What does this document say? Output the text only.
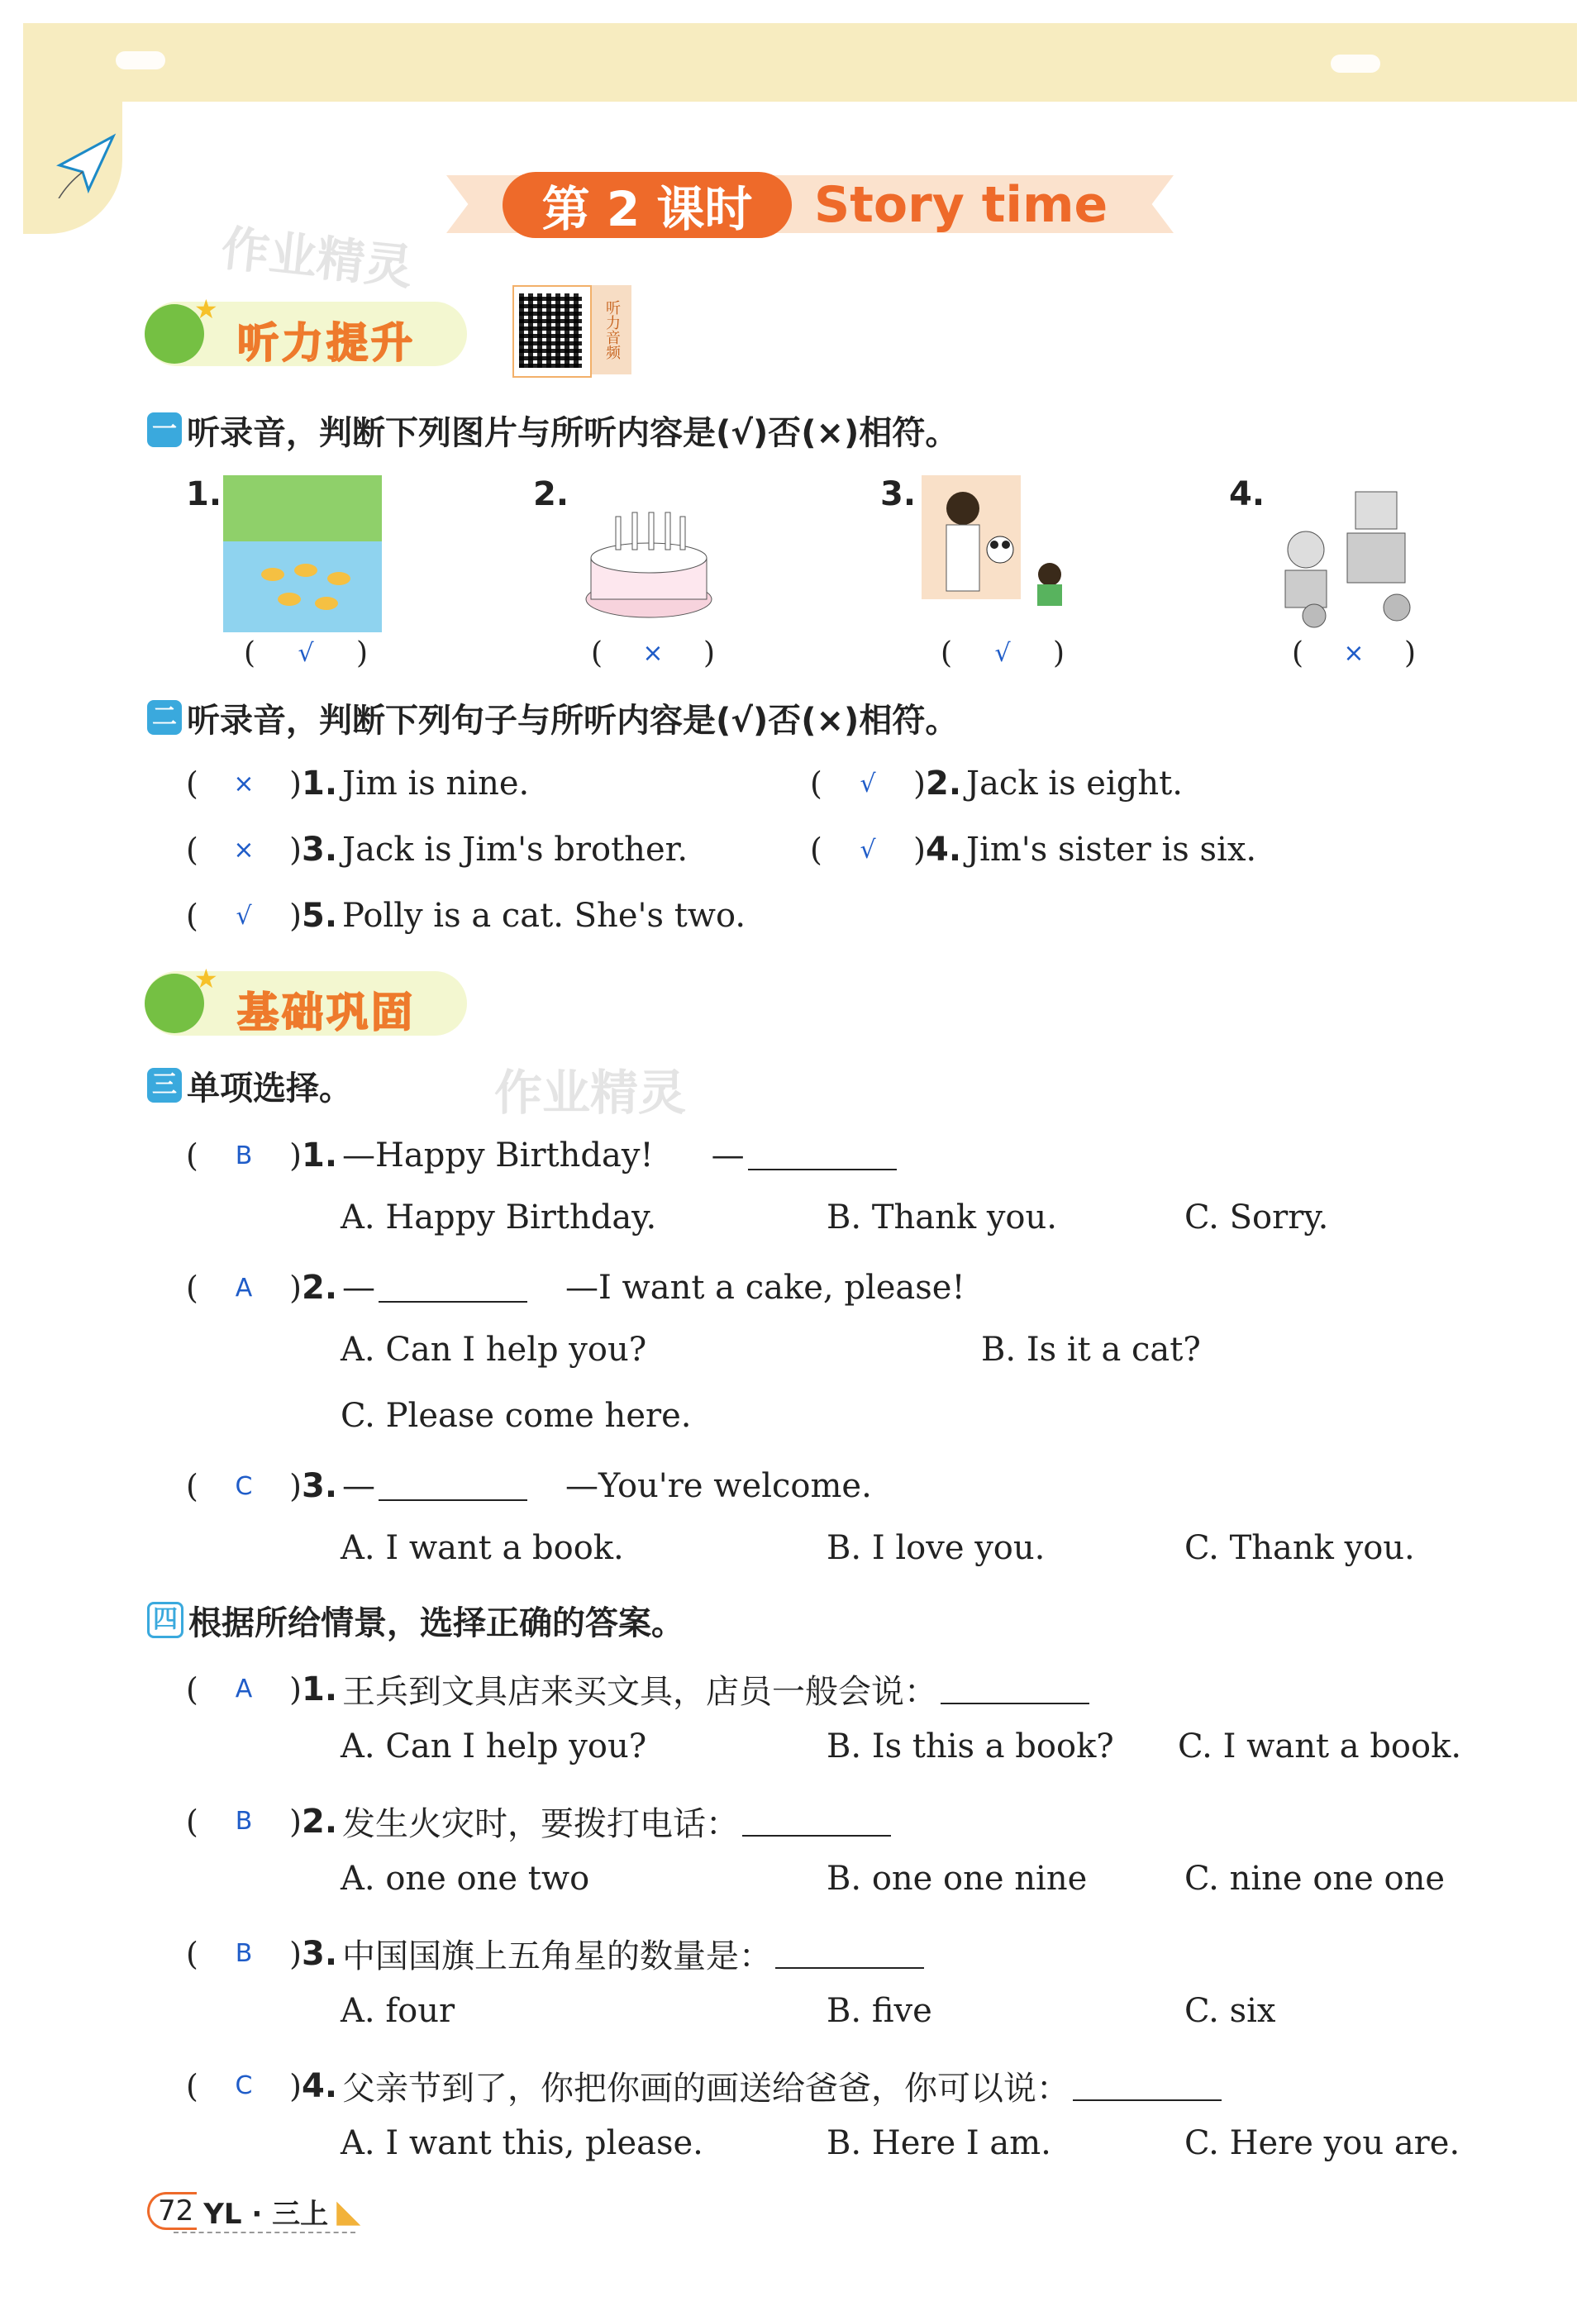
第 2 课时	Story time
作业精灵
作业精灵
★
听力提升	听力音频
一 听录音，判断下列图片与所听内容是(√)否(×)相符。
1.
( √ )
2.
( × )
3.
( √ )
4.
( × )
二 听录音，判断下列句子与所听内容是(√)否(×)相符。
( × ) 1. Jim is nine.	( √ ) 2. Jack is eight.
( × ) 3. Jack is Jim's brother.	( √ ) 4. Jim's sister is six.
( √ ) 5. Polly is a cat. She's two.
★
基础巩固
三 单项选择。
( B ) 1. —Happy Birthday! —
A. Happy Birthday.	B. Thank you.	C. Sorry.
( A ) 2. —	—I want a cake, please!
A. Can I help you?	B. Is it a cat?
C. Please come here.
( C ) 3. —	—You're welcome.
A. I want a book.	B. I love you.	C. Thank you.
四 根据所给情景，选择正确的答案。
( A ) 1. 王兵到文具店来买文具，店员一般会说：
A. Can I help you?	B. Is this a book? C. I want a book.
( B ) 2. 发生火灾时，要拨打电话：
A. one one two	B. one one nine	C. nine one one
( B ) 3. 中国国旗上五角星的数量是：
A. four	B. five	C. six
( C ) 4. 父亲节到了，你把你画的画送给爸爸，你可以说：
A. I want this, please.	B. Here I am.	C. Here you are.
72 YL · 三上 ◣
